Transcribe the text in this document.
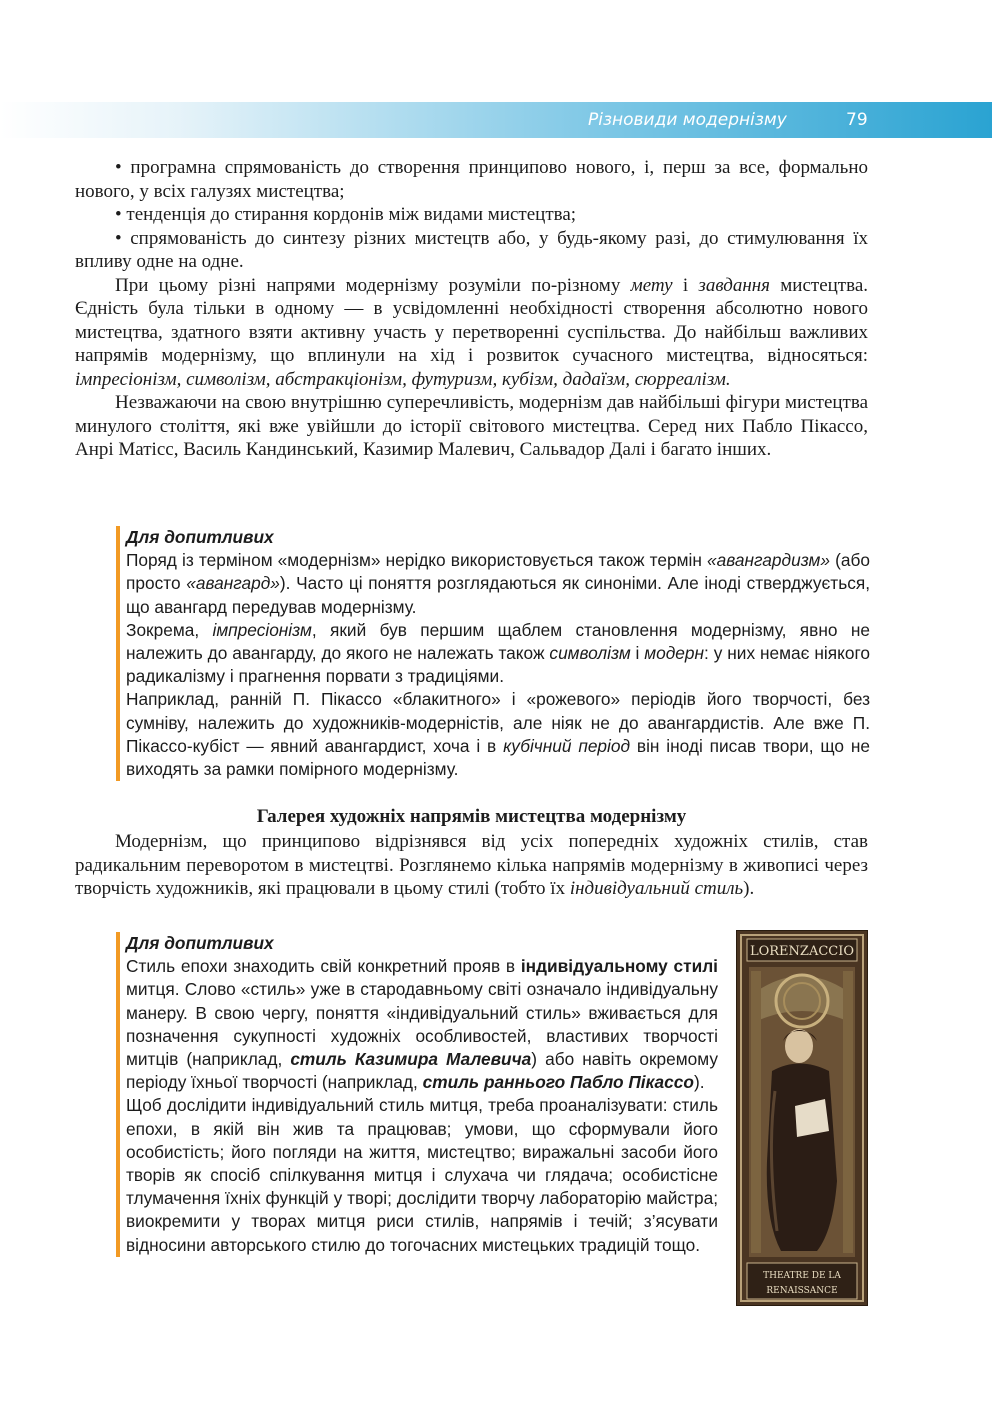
Різновиди модернізму	79

• програмна спрямованість до створення принципово нового, і, перш за все, формально нового, у всіх галузях мистецтва;

• тенденція до стирання кордонів між видами мистецтва;

• спрямованість до синтезу різних мистецтв або, у будь-якому разі, до стимулювання їх впливу одне на одне.

При цьому різні напрями модернізму розуміли по-різному мету і завдання мистецтва. Єдність була тільки в одному — в усвідомленні необхідності створення абсолютно нового мистецтва, здатного взяти активну участь у перетворенні суспільства. До найбільш важливих напрямів модернізму, що вплинули на хід і розвиток сучасного мистецтва, відносяться: імпресіонізм, символізм, абстракціонізм, футуризм, кубізм, дадаїзм, сюрреалізм.

Незважаючи на свою внутрішню суперечливість, модернізм дав найбільші фігури мистецтва минулого століття, які вже увійшли до історії світового мистецтва. Серед них Пабло Пікассо, Анрі Матісс, Василь Кандинський, Казимир Малевич, Сальвадор Далі і багато інших.

Для допитливих

Поряд із терміном «модернізм» нерідко використовується також термін «авангардизм» (або просто «авангард»). Часто ці поняття розглядаються як синоніми. Але іноді стверджується, що авангард передував модернізму.

Зокрема, імпресіонізм, який був першим щаблем становлення модернізму, явно не належить до авангарду, до якого не належать також символізм і модерн: у них немає ніякого радикалізму і прагнення порвати з традиціями.

Наприклад, ранній П. Пікассо «блакитного» і «рожевого» періодів його творчості, без сумніву, належить до художників-модерністів, але ніяк не до авангардистів. Але вже П. Пікассо-кубіст — явний авангардист, хоча і в кубічний період він іноді писав твори, що не виходять за рамки помірного модернізму.

Галерея художніх напрямів мистецтва модернізму

Модернізм, що принципово відрізнявся від усіх попередніх художніх стилів, став радикальним переворотом в мистецтві. Розглянемо кілька напрямів модернізму в живописі через творчість художників, які працювали в цьому стилі (тобто їх індивідуальний стиль).

Для допитливих

Стиль епохи знаходить свій конкретний прояв в індивідуальному стилі митця. Слово «стиль» уже в стародавньому світі означало індивідуальну манеру. В свою чергу, поняття «індивідуальний стиль» вживається для позначення сукупності художніх особливостей, властивих творчості митців (наприклад, стиль Казимира Малевича) або навіть окремому періоду їхньої творчості (наприклад, стиль раннього Пабло Пікассо).

Щоб дослідити індивідуальний стиль митця, треба проаналізувати: стиль епохи, в якій він жив та працював; умови, що сформували його особистість; його погляди на життя, мистецтво; виражальні засоби його творів як спосіб спілкування митця і слухача чи глядача; особистісне тлумачення їхніх функцій у творі; дослідити творчу лабораторію майстра; виокремити у творах митця риси стилів, напрямів і течій; з’ясувати відносини авторського стилю до тогочасних мистецьких традицій тощо.

LORENZACCIO
THEATRE DE LA
RENAISSANCE
